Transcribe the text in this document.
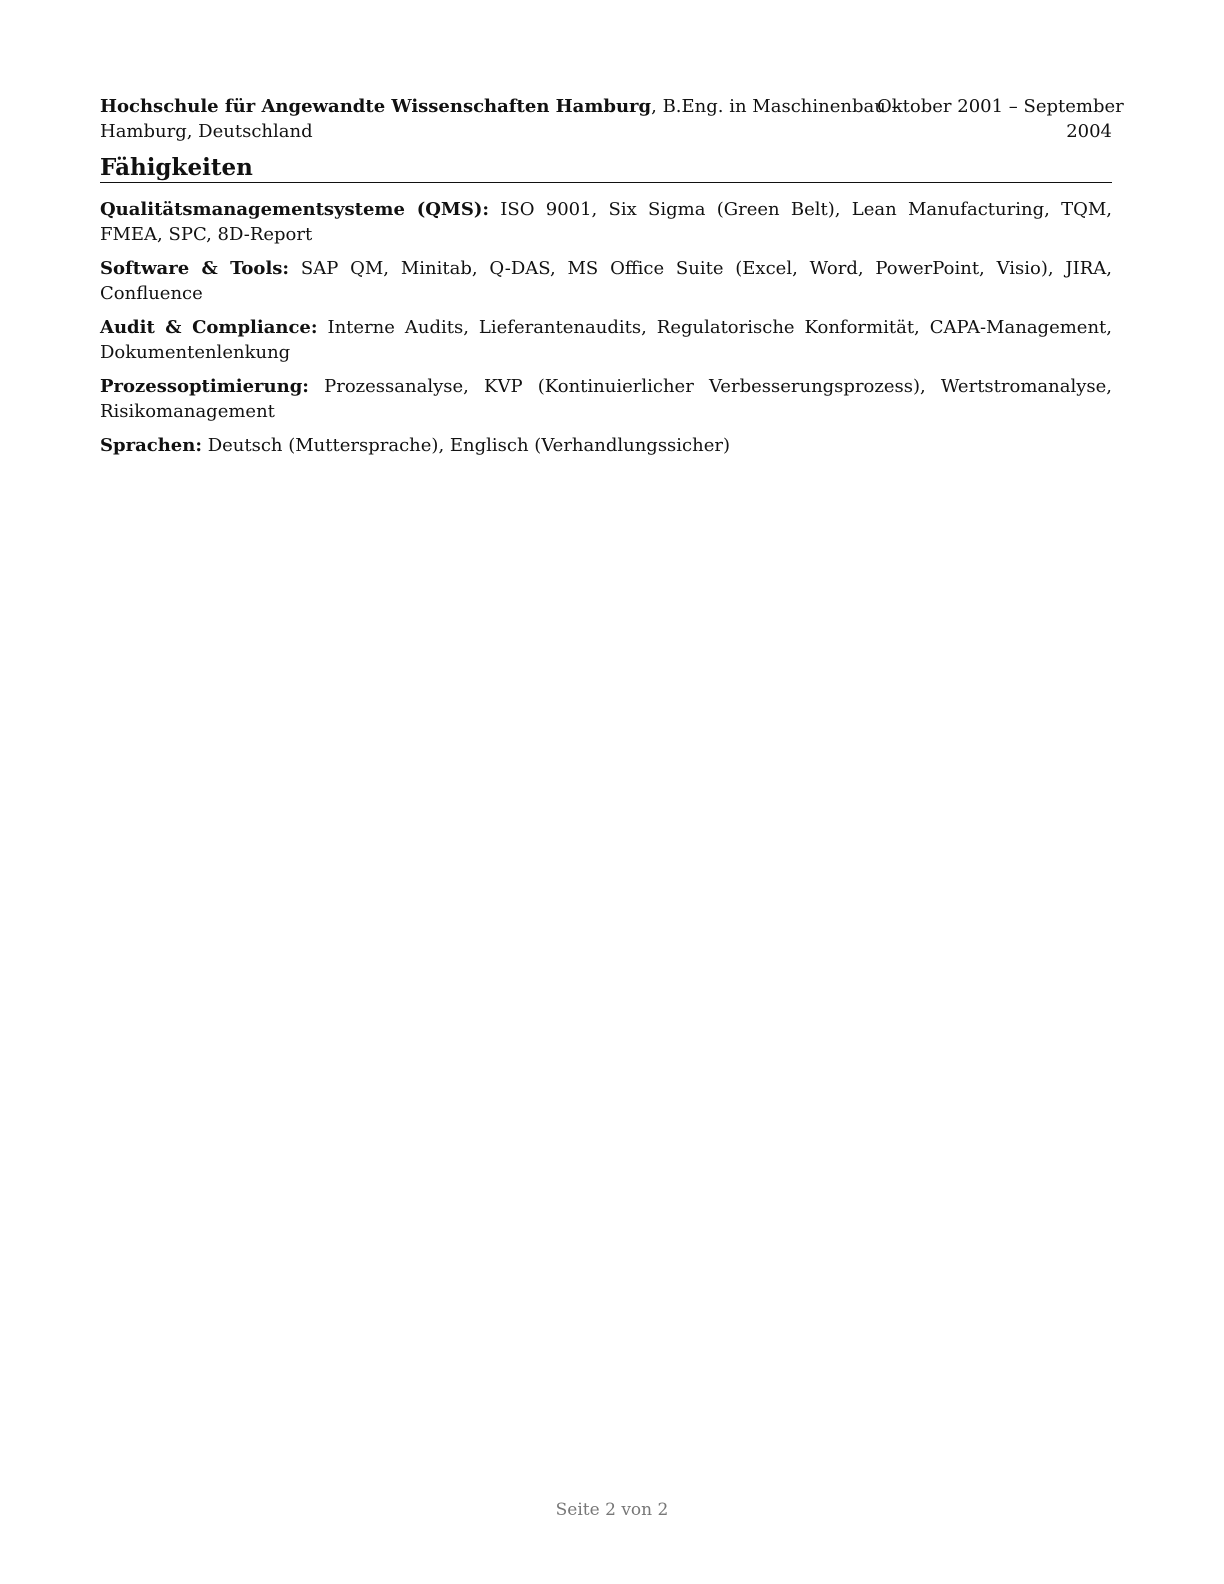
Hochschule für Angewandte Wissenschaften Hamburg, B.Eng. in Maschinenbau –
Hamburg, Deutschland
Oktober 2001 – September
2004
Fähigkeiten

Qualitätsmanagementsysteme (QMS): ISO 9001, Six Sigma (Green Belt), Lean Manufacturing, TQM, FMEA, SPC, 8D-Report

Software & Tools: SAP QM, Minitab, Q-DAS, MS Office Suite (Excel, Word, PowerPoint, Visio), JIRA, Confluence

Audit & Compliance: Interne Audits, Lieferantenaudits, Regulatorische Konformität, CAPA-Management, Dokumentenlenkung

Prozessoptimierung: Prozessanalyse, KVP (Kontinuierlicher Verbesserungsprozess), Wertstromanalyse, Risikomanagement

Sprachen: Deutsch (Muttersprache), Englisch (Verhandlungssicher)

Seite 2 von 2
